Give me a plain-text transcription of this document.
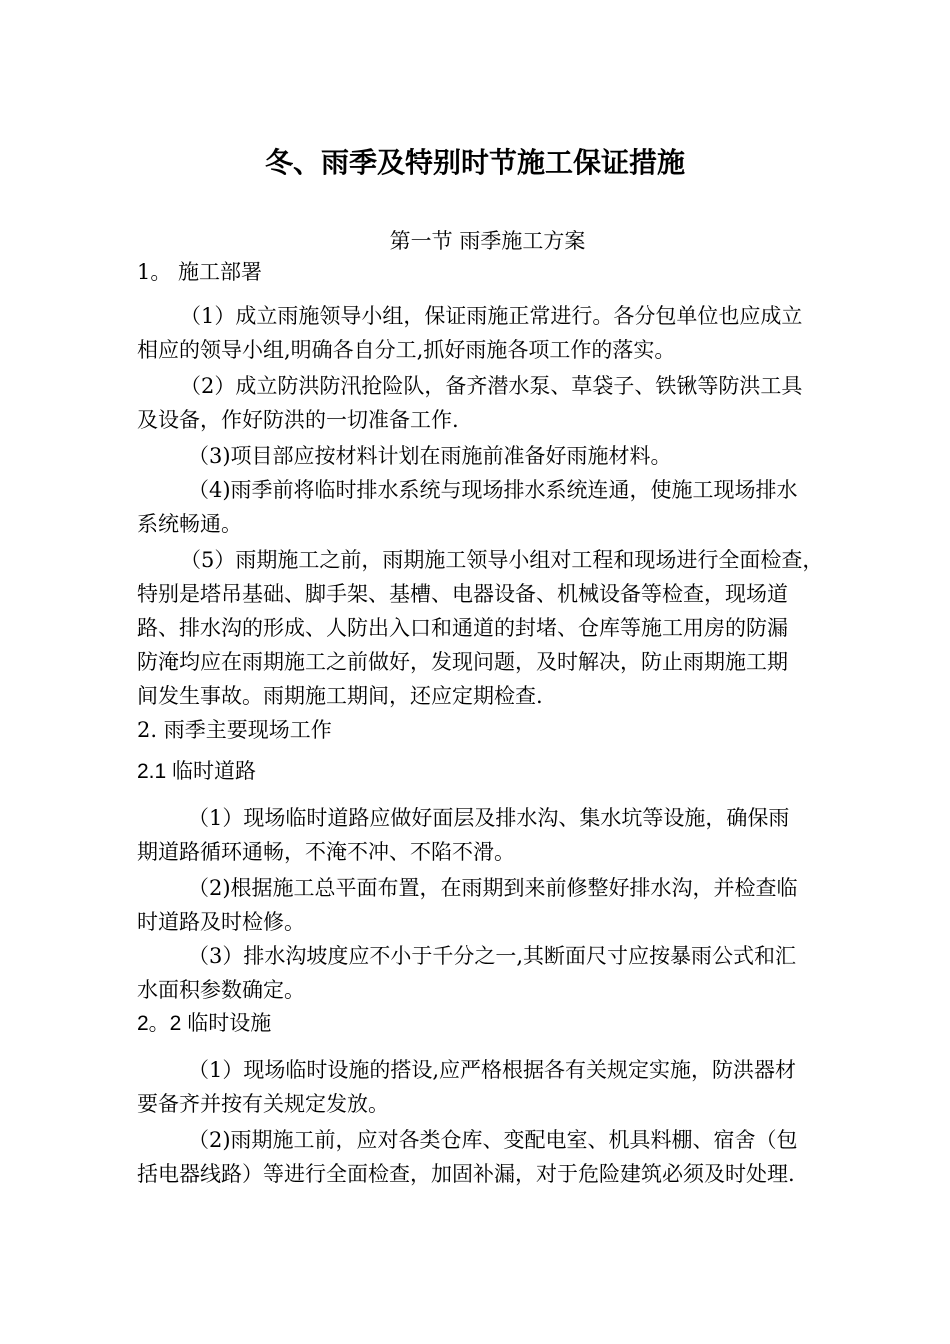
冬、雨季及特别时节施工保证措施
第一节 雨季施工方案
1。 施工部署
（1）成立雨施领导小组，保证雨施正常进行。各分包单位也应成立
相应的领导小组,明确各自分工,抓好雨施各项工作的落实。
（2）成立防洪防汛抢险队，备齐潜水泵、草袋子、铁锹等防洪工具
及设备，作好防洪的一切准备工作.
（3)项目部应按材料计划在雨施前准备好雨施材料。
（4)雨季前将临时排水系统与现场排水系统连通，使施工现场排水
系统畅通。
（5）雨期施工之前，雨期施工领导小组对工程和现场进行全面检查，
特别是塔吊基础、脚手架、基槽、电器设备、机械设备等检查，现场道
路、排水沟的形成、人防出入口和通道的封堵、仓库等施工用房的防漏
防淹均应在雨期施工之前做好，发现问题，及时解决，防止雨期施工期
间发生事故。雨期施工期间，还应定期检查.
2. 雨季主要现场工作
2.1 临时道路
（1）现场临时道路应做好面层及排水沟、集水坑等设施，确保雨
期道路循环通畅，不淹不冲、不陷不滑。
（2)根据施工总平面布置，在雨期到来前修整好排水沟，并检查临
时道路及时检修。
（3）排水沟坡度应不小于千分之一,其断面尺寸应按暴雨公式和汇
水面积参数确定。
2。2 临时设施
（1）现场临时设施的搭设,应严格根据各有关规定实施，防洪器材
要备齐并按有关规定发放。
（2)雨期施工前，应对各类仓库、变配电室、机具料棚、宿舍（包
括电器线路）等进行全面检查，加固补漏，对于危险建筑必须及时处理.
